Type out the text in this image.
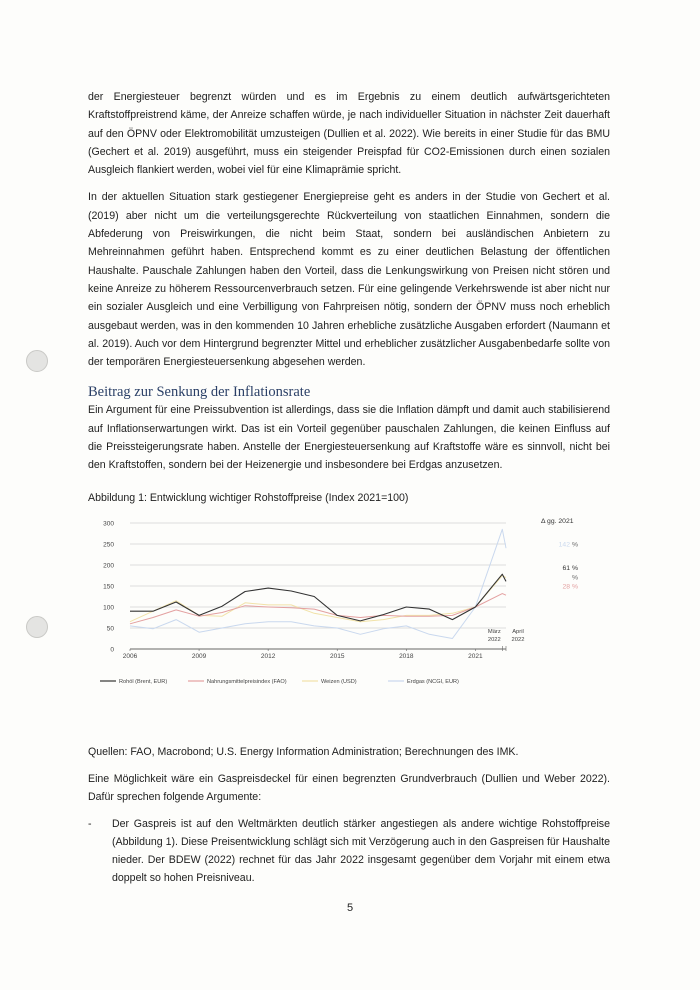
der Energiesteuer begrenzt würden und es im Ergebnis zu einem deutlich aufwärtsgerichteten Kraftstoffpreistrend käme, der Anreize schaffen würde, je nach individueller Situation in nächster Zeit dauerhaft auf den ÖPNV oder Elektromobilität umzusteigen (Dullien et al. 2022). Wie bereits in einer Studie für das BMU (Gechert et al. 2019) ausgeführt, muss ein steigender Preispfad für CO2-Emissionen durch einen sozialen Ausgleich flankiert werden, wobei viel für eine Klimaprämie spricht.

In der aktuellen Situation stark gestiegener Energiepreise geht es anders in der Studie von Gechert et al. (2019) aber nicht um die verteilungsgerechte Rückverteilung von staatlichen Einnahmen, sondern die Abfederung von Preiswirkungen, die nicht beim Staat, sondern bei ausländischen Anbietern zu Mehreinnahmen geführt haben. Entsprechend kommt es zu einer deutlichen Belastung der öffentlichen Haushalte. Pauschale Zahlungen haben den Vorteil, dass die Lenkungswirkung von Preisen nicht stören und keine Anreize zu höherem Ressourcenverbrauch setzen. Für eine gelingende Verkehrswende ist aber nicht nur ein sozialer Ausgleich und eine Verbilligung von Fahrpreisen nötig, sondern der ÖPNV muss noch erheblich ausgebaut werden, was in den kommenden 10 Jahren erhebliche zusätzliche Ausgaben erfordert (Naumann et al. 2019). Auch vor dem Hintergrund begrenzter Mittel und erheblicher zusätzlicher Ausgabenbedarfe sollte von der temporären Energiesteuersenkung abgesehen werden.

Beitrag zur Senkung der Inflationsrate

Ein Argument für eine Preissubvention ist allerdings, dass sie die Inflation dämpft und damit auch stabilisierend auf Inflationserwartungen wirkt. Das ist ein Vorteil gegenüber pauschalen Zahlungen, die keinen Einfluss auf die Preissteigerungsrate haben. Anstelle der Energiesteuersenkung auf Kraftstoffe wäre es sinnvoll, nicht bei den Kraftstoffen, sondern bei der Heizenergie und insbesondere bei Erdgas anzusetzen.

Abbildung 1: Entwicklung wichtiger Rohstoffpreise (Index 2021=100)
0
50
100
150
200
250
300
2006	2009	2012	2015	2018	2021
März
2022
April
2022
Δ gg. 2021
142 %
61 %
%
28 %
Rohöl (Brent, EUR)	Nahrungsmittelpreisindex (FAO)	Weizen (USD)	Erdgas (NCGI, EUR)

Quellen: FAO, Macrobond; U.S. Energy Information Administration; Berechnungen des IMK.

Eine Möglichkeit wäre ein Gaspreisdeckel für einen begrenzten Grundverbrauch (Dullien und Weber 2022). Dafür sprechen folgende Argumente:

- Der Gaspreis ist auf den Weltmärkten deutlich stärker angestiegen als andere wichtige Rohstoffpreise (Abbildung 1). Diese Preisentwicklung schlägt sich mit Verzögerung auch in den Gaspreisen für Haushalte nieder. Der BDEW (2022) rechnet für das Jahr 2022 insgesamt gegenüber dem Vorjahr mit einem etwa doppelt so hohen Preisniveau.
5
